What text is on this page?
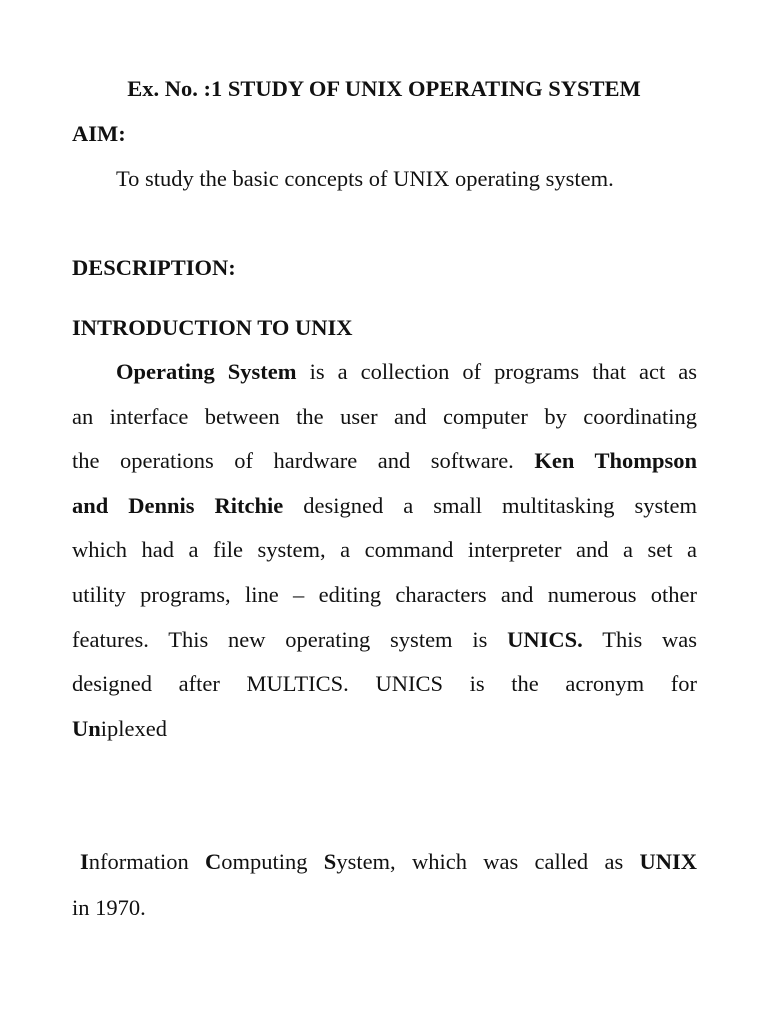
Ex. No. :1 STUDY OF UNIX OPERATING SYSTEM
AIM:
To study the basic concepts of UNIX operating system.
DESCRIPTION:
INTRODUCTION TO UNIX
Operating System is a collection of programs that act as
an interface between the user and computer by coordinating
the operations of hardware and software. Ken Thompson
and Dennis Ritchie designed a small multitasking system
which had a file system, a command interpreter and a set a
utility programs, line – editing characters and numerous other
features. This new operating system is UNICS. This was
designed after MULTICS. UNICS is the acronym for
Uniplexed
Information Computing System, which was called as UNIX
in 1970.
